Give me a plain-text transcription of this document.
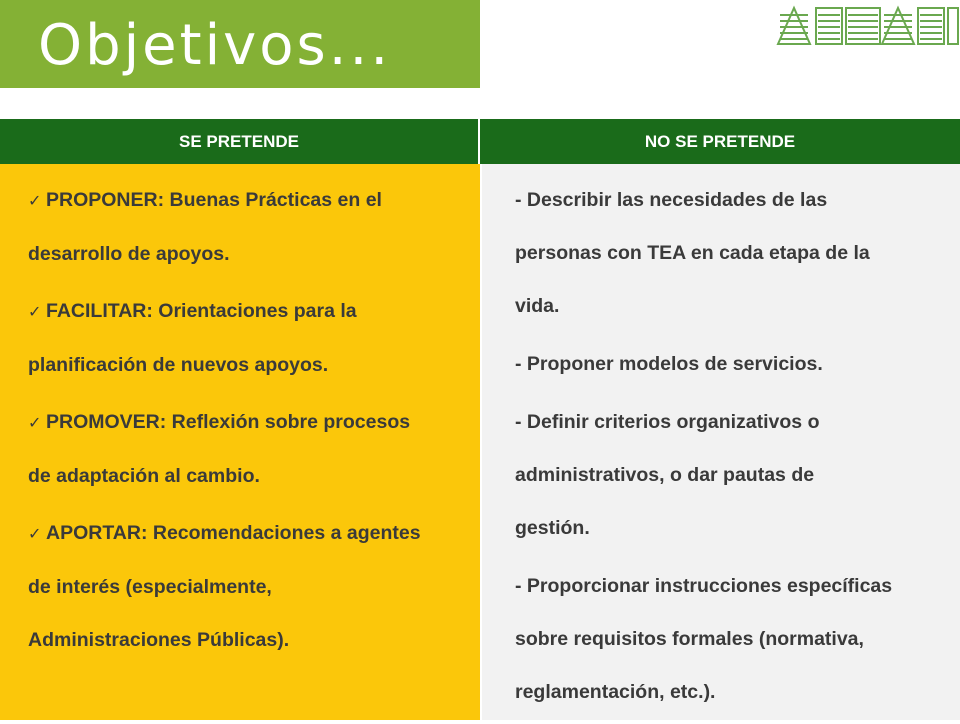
Objetivos...
SE PRETENDE	NO SE PRETENDE
✓ PROPONER: Buenas Prácticas en el
desarrollo de apoyos.
✓ FACILITAR: Orientaciones para la
planificación de nuevos apoyos.
✓ PROMOVER: Reflexión sobre procesos
de adaptación al cambio.
✓ APORTAR: Recomendaciones a agentes
de interés (especialmente,
Administraciones Públicas).
- Describir las necesidades de las
personas con TEA en cada etapa de la
vida.
- Proponer modelos de servicios.
- Definir criterios organizativos o
administrativos, o dar pautas de
gestión.
- Proporcionar instrucciones específicas
sobre requisitos formales (normativa,
reglamentación, etc.).
